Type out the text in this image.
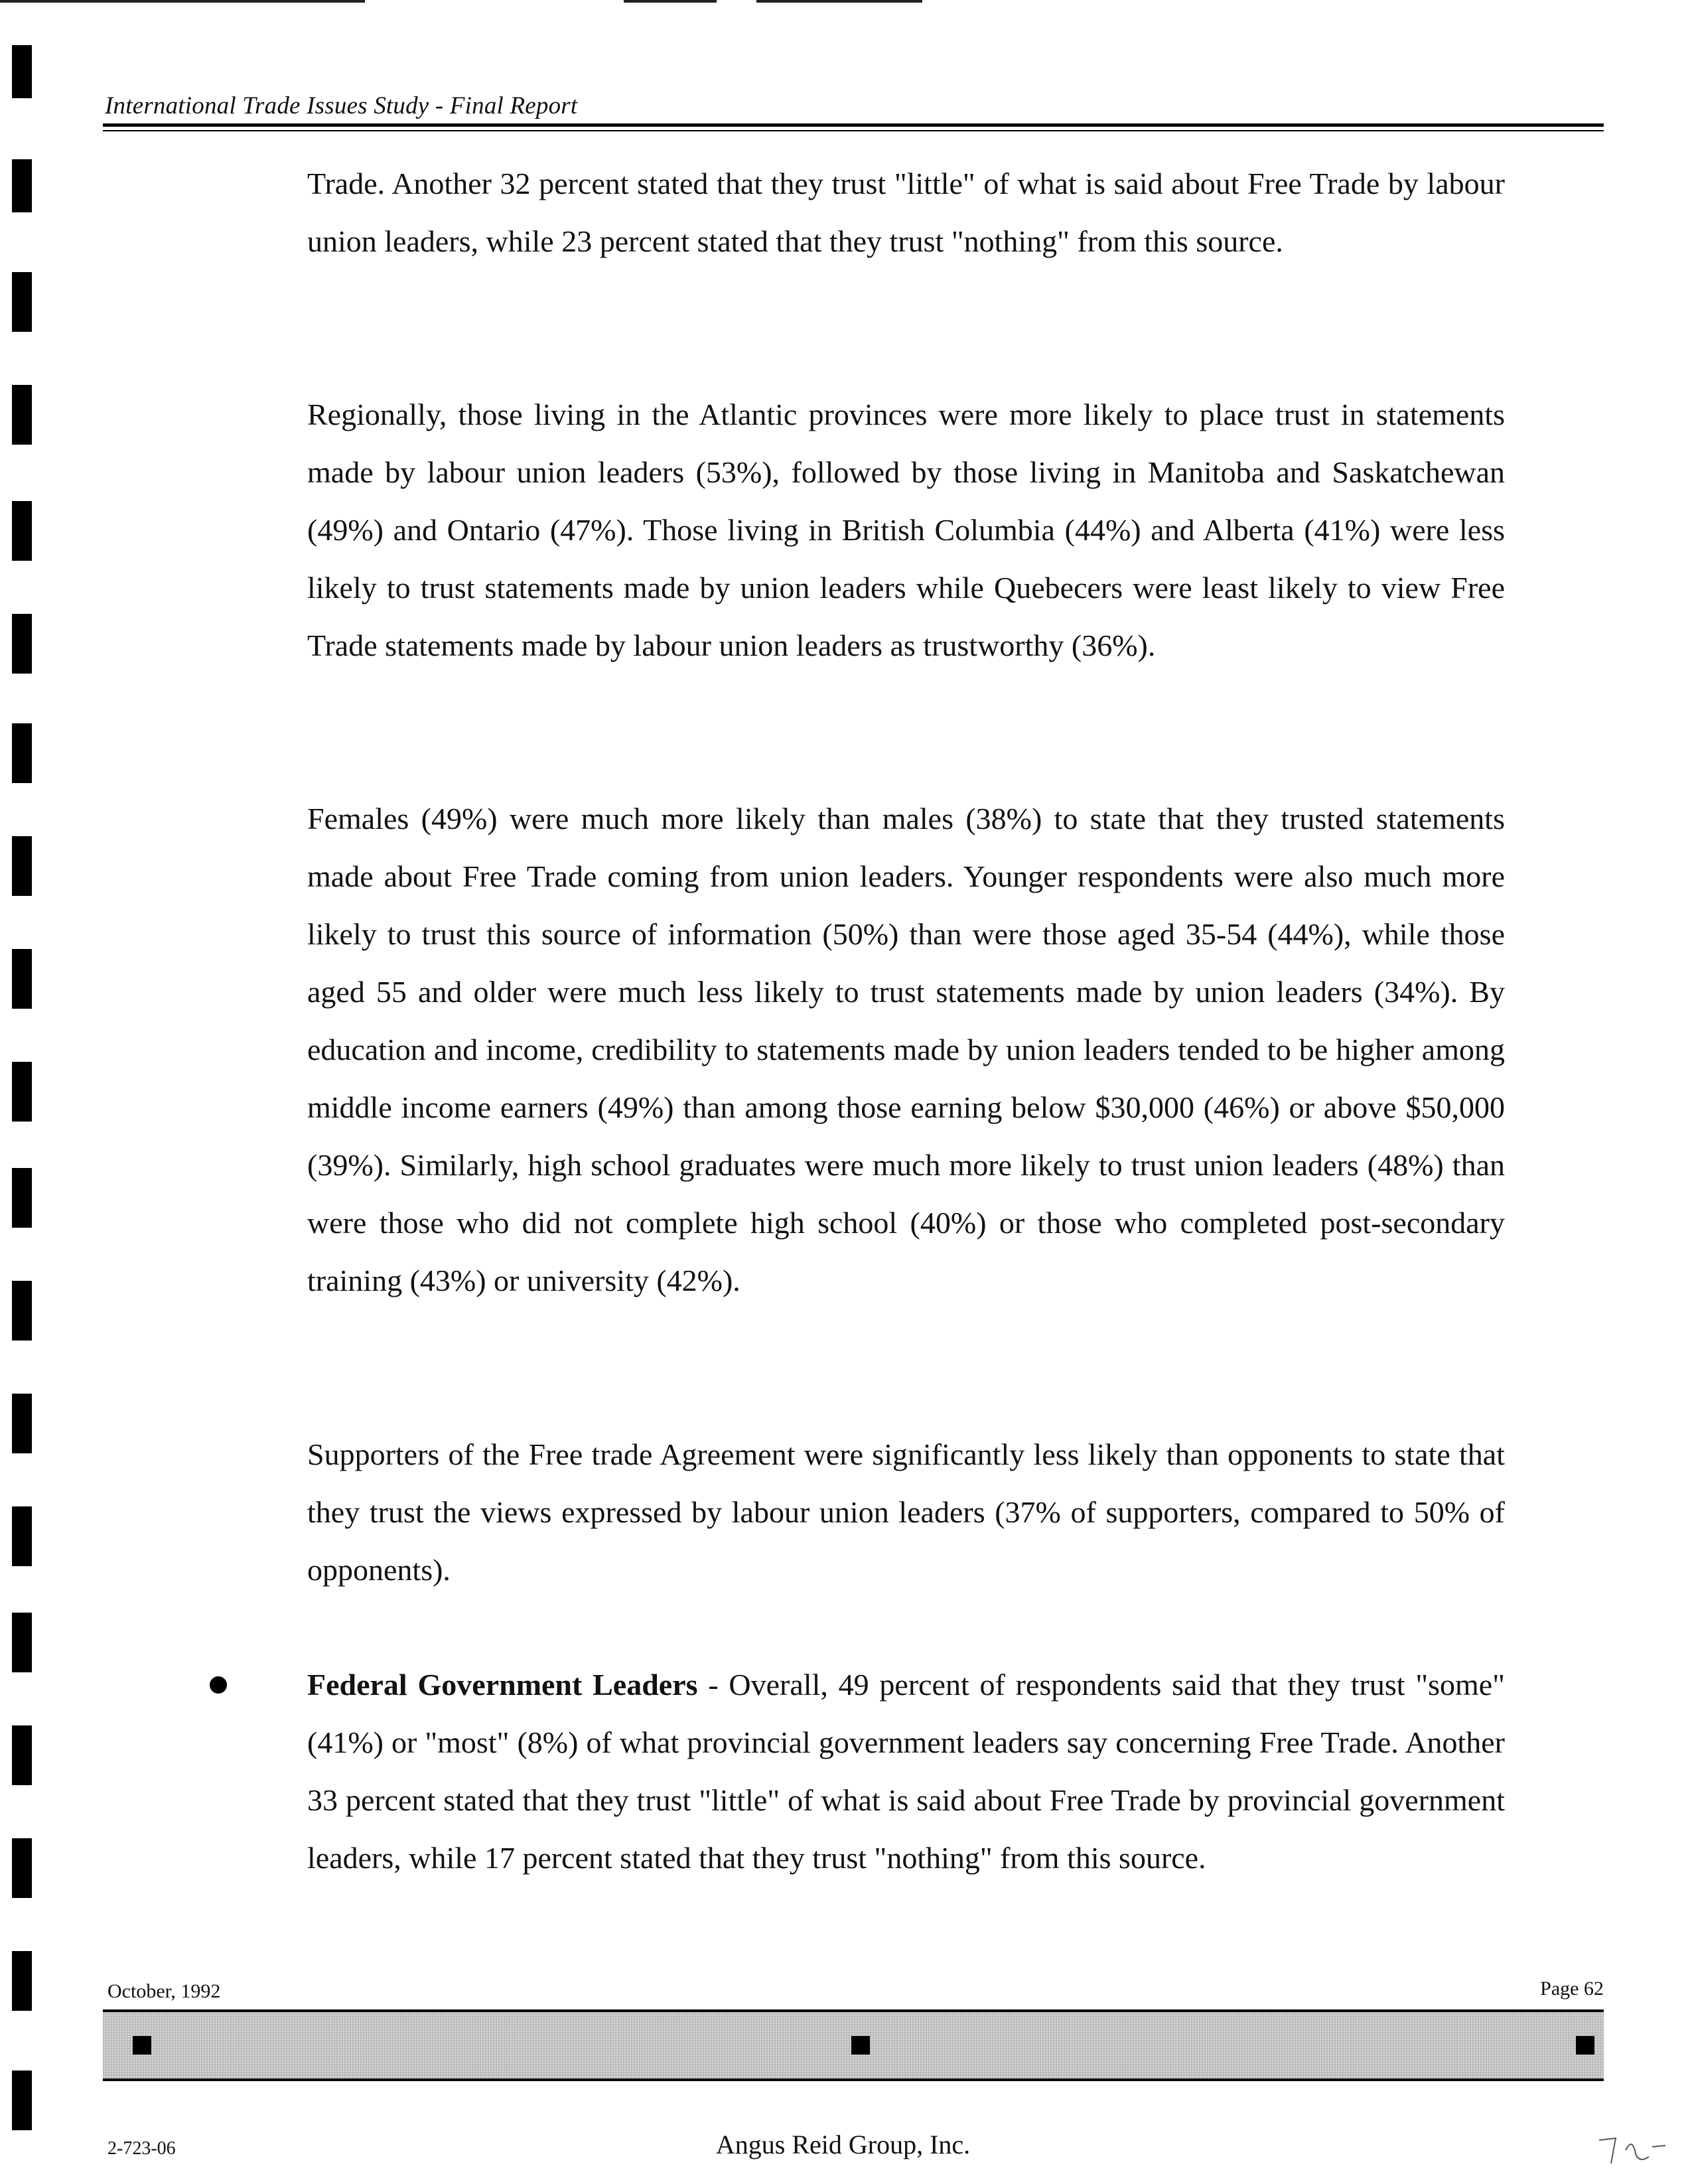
International Trade Issues Study - Final Report
Trade. Another 32 percent stated that they trust "little" of what is said about Free Trade by labour union leaders, while 23 percent stated that they trust "nothing" from this source.
Regionally, those living in the Atlantic provinces were more likely to place trust in statements made by labour union leaders (53%), followed by those living in Manitoba and Saskatchewan (49%) and Ontario (47%). Those living in British Columbia (44%) and Alberta (41%) were less likely to trust statements made by union leaders while Quebecers were least likely to view Free Trade statements made by labour union leaders as trustworthy (36%).
Females (49%) were much more likely than males (38%) to state that they trusted statements made about Free Trade coming from union leaders. Younger respondents were also much more likely to trust this source of information (50%) than were those aged 35-54 (44%), while those aged 55 and older were much less likely to trust statements made by union leaders (34%). By education and income, credibility to statements made by union leaders tended to be higher among middle income earners (49%) than among those earning below $30,000 (46%) or above $50,000 (39%). Similarly, high school graduates were much more likely to trust union leaders (48%) than were those who did not complete high school (40%) or those who completed post-secondary training (43%) or university (42%).
Supporters of the Free trade Agreement were significantly less likely than opponents to state that they trust the views expressed by labour union leaders (37% of supporters, compared to 50% of opponents).
Federal Government Leaders - Overall, 49 percent of respondents said that they trust "some" (41%) or "most" (8%) of what provincial government leaders say concerning Free Trade. Another 33 percent stated that they trust "little" of what is said about Free Trade by provincial government leaders, while 17 percent stated that they trust "nothing" from this source.
October, 1992	Page 62
2-723-06	Angus Reid Group, Inc.
